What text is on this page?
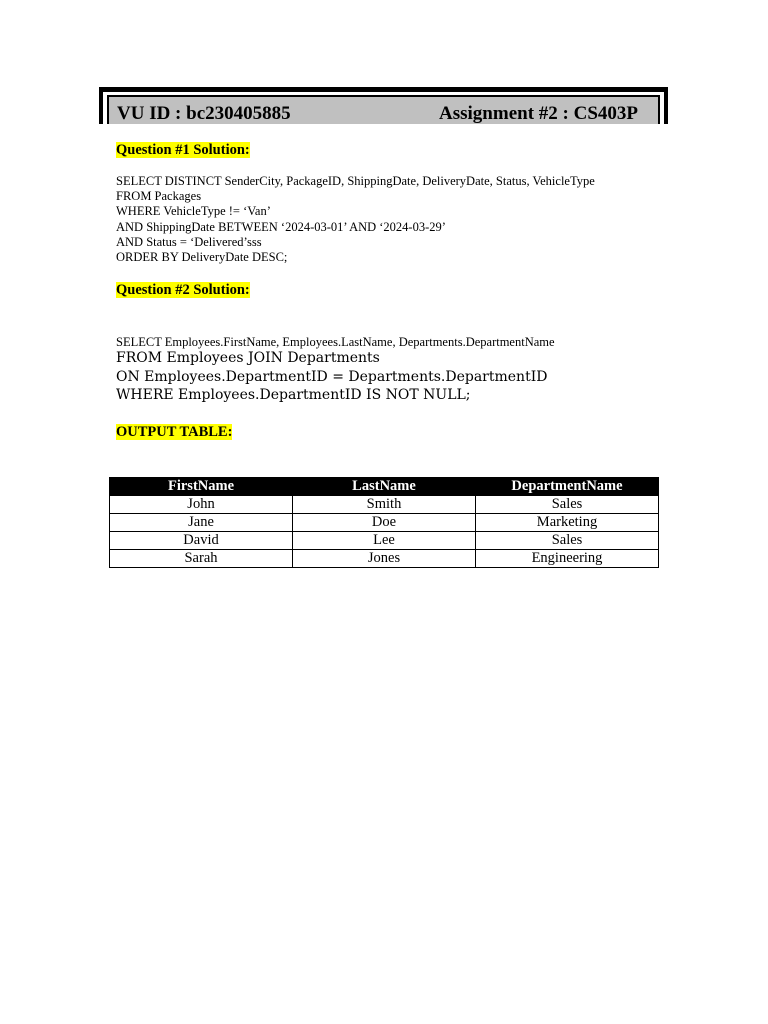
VU ID : bc230405885	Assignment #2 : CS403P
Question #1 Solution:
SELECT DISTINCT SenderCity, PackageID, ShippingDate, DeliveryDate, Status, VehicleType
FROM Packages
WHERE VehicleType != ‘Van’
AND ShippingDate BETWEEN ‘2024-03-01’ AND ‘2024-03-29’
AND Status = ‘Delivered’sss
ORDER BY DeliveryDate DESC;
Question #2 Solution:
SELECT Employees.FirstName, Employees.LastName, Departments.DepartmentName
FROM Employees JOIN Departments
ON Employees.DepartmentID = Departments.DepartmentID
WHERE Employees.DepartmentID IS NOT NULL;
OUTPUT TABLE:
FirstName	LastName	DepartmentName
John	Smith	Sales
Jane	Doe	Marketing
David	Lee	Sales
Sarah	Jones	Engineering
